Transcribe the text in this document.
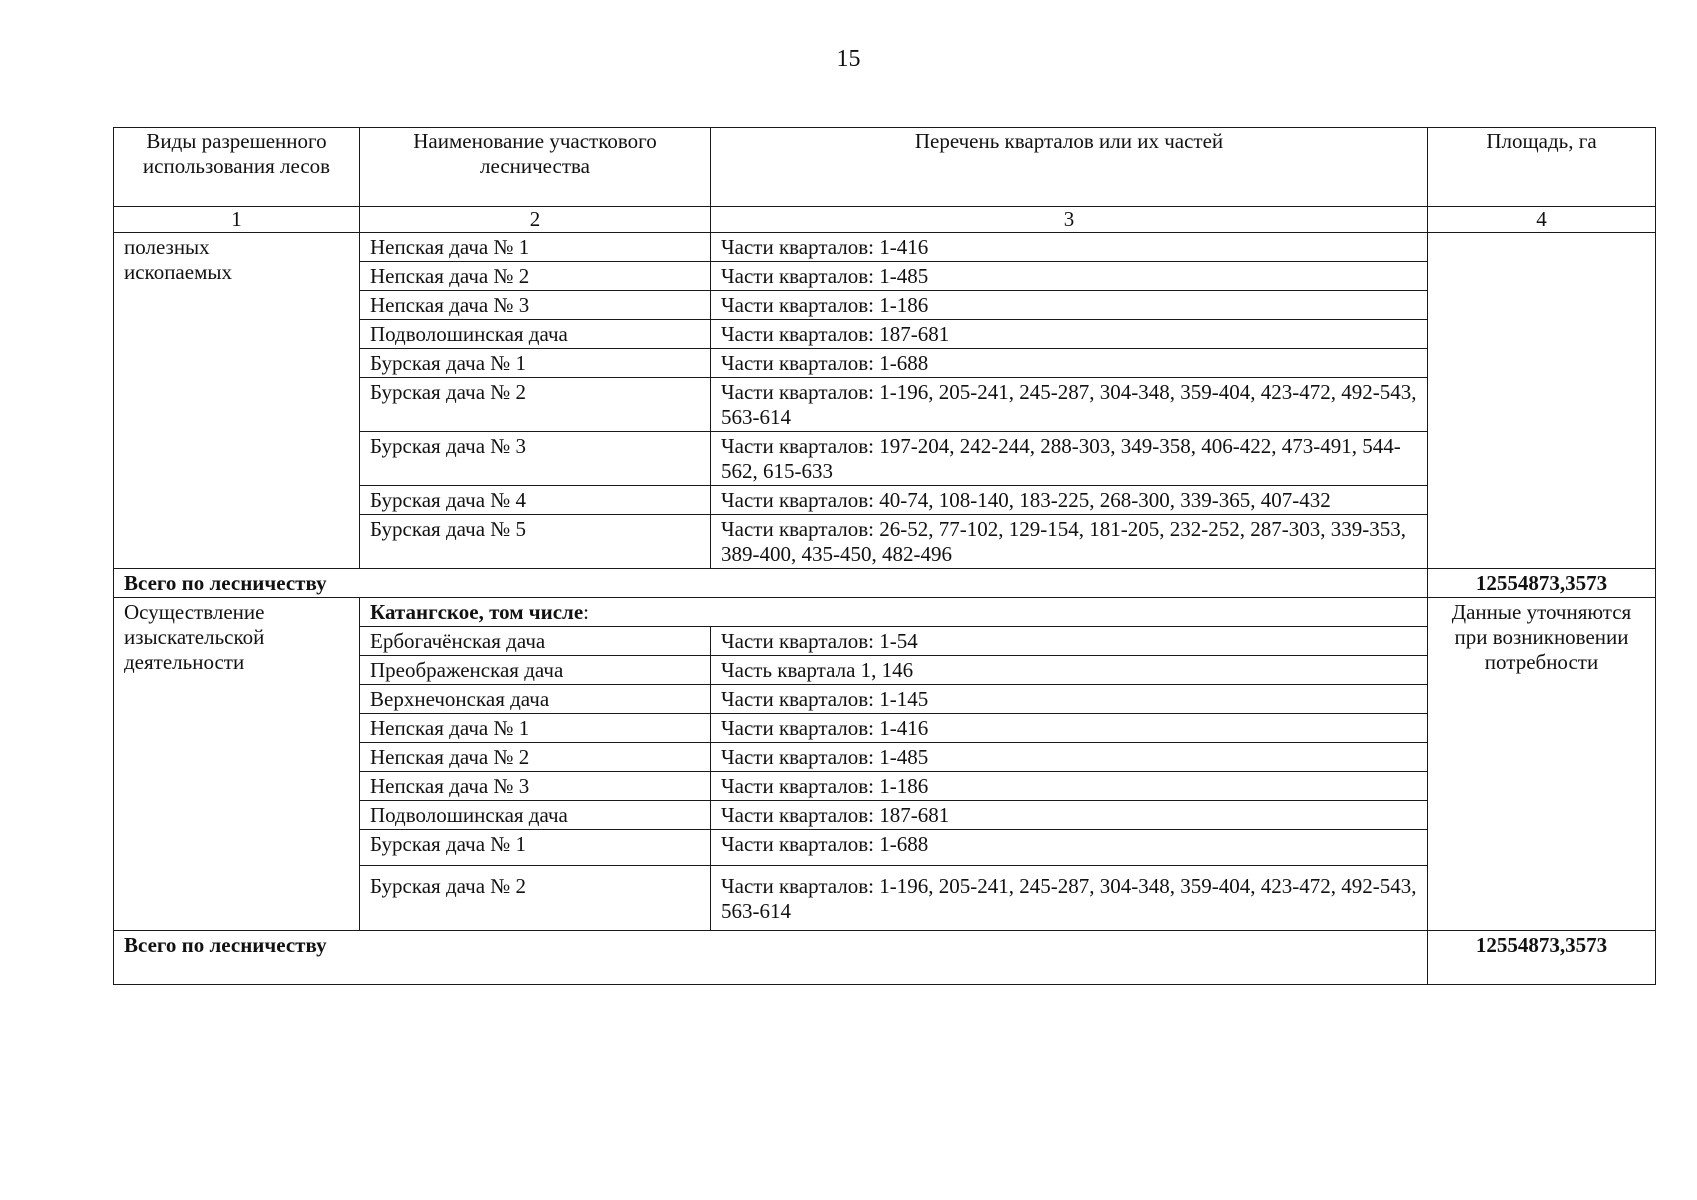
15
Виды разрешенного использования лесов	Наименование участкового лесничества	Перечень кварталов или их частей	Площадь, га
1	2	3	4
полезных ископаемых	Непская дача № 1	Части кварталов: 1-416	
	Непская дача № 2	Части кварталов: 1-485	
	Непская дача № 3	Части кварталов: 1-186	
	Подволошинская дача	Части кварталов: 187-681	
	Бурская дача № 1	Части кварталов: 1-688	
	Бурская дача № 2	Части кварталов: 1-196, 205-241, 245-287, 304-348, 359-404, 423-472, 492-543, 563-614	
	Бурская дача № 3	Части кварталов: 197-204, 242-244, 288-303, 349-358, 406-422, 473-491, 544-562, 615-633	
	Бурская дача № 4	Части кварталов: 40-74, 108-140, 183-225, 268-300, 339-365, 407-432	
	Бурская дача № 5	Части кварталов: 26-52, 77-102, 129-154, 181-205, 232-252, 287-303, 339-353, 389-400, 435-450, 482-496	
Всего по лесничеству			12554873,3573
Осуществление изыскательской деятельности	Катангское, том числе:		Данные уточняются при возникновении потребности
	Ербогачёнская дача	Части кварталов: 1-54	
	Преображенская дача	Часть квартала 1, 146	
	Верхнечонская дача	Части кварталов: 1-145	
	Непская дача № 1	Части кварталов: 1-416	
	Непская дача № 2	Части кварталов: 1-485	
	Непская дача № 3	Части кварталов: 1-186	
	Подволошинская дача	Части кварталов: 187-681	
	Бурская дача № 1	Части кварталов: 1-688	
	Бурская дача № 2	Части кварталов: 1-196, 205-241, 245-287, 304-348, 359-404, 423-472, 492-543, 563-614	
Всего по лесничеству			12554873,3573
